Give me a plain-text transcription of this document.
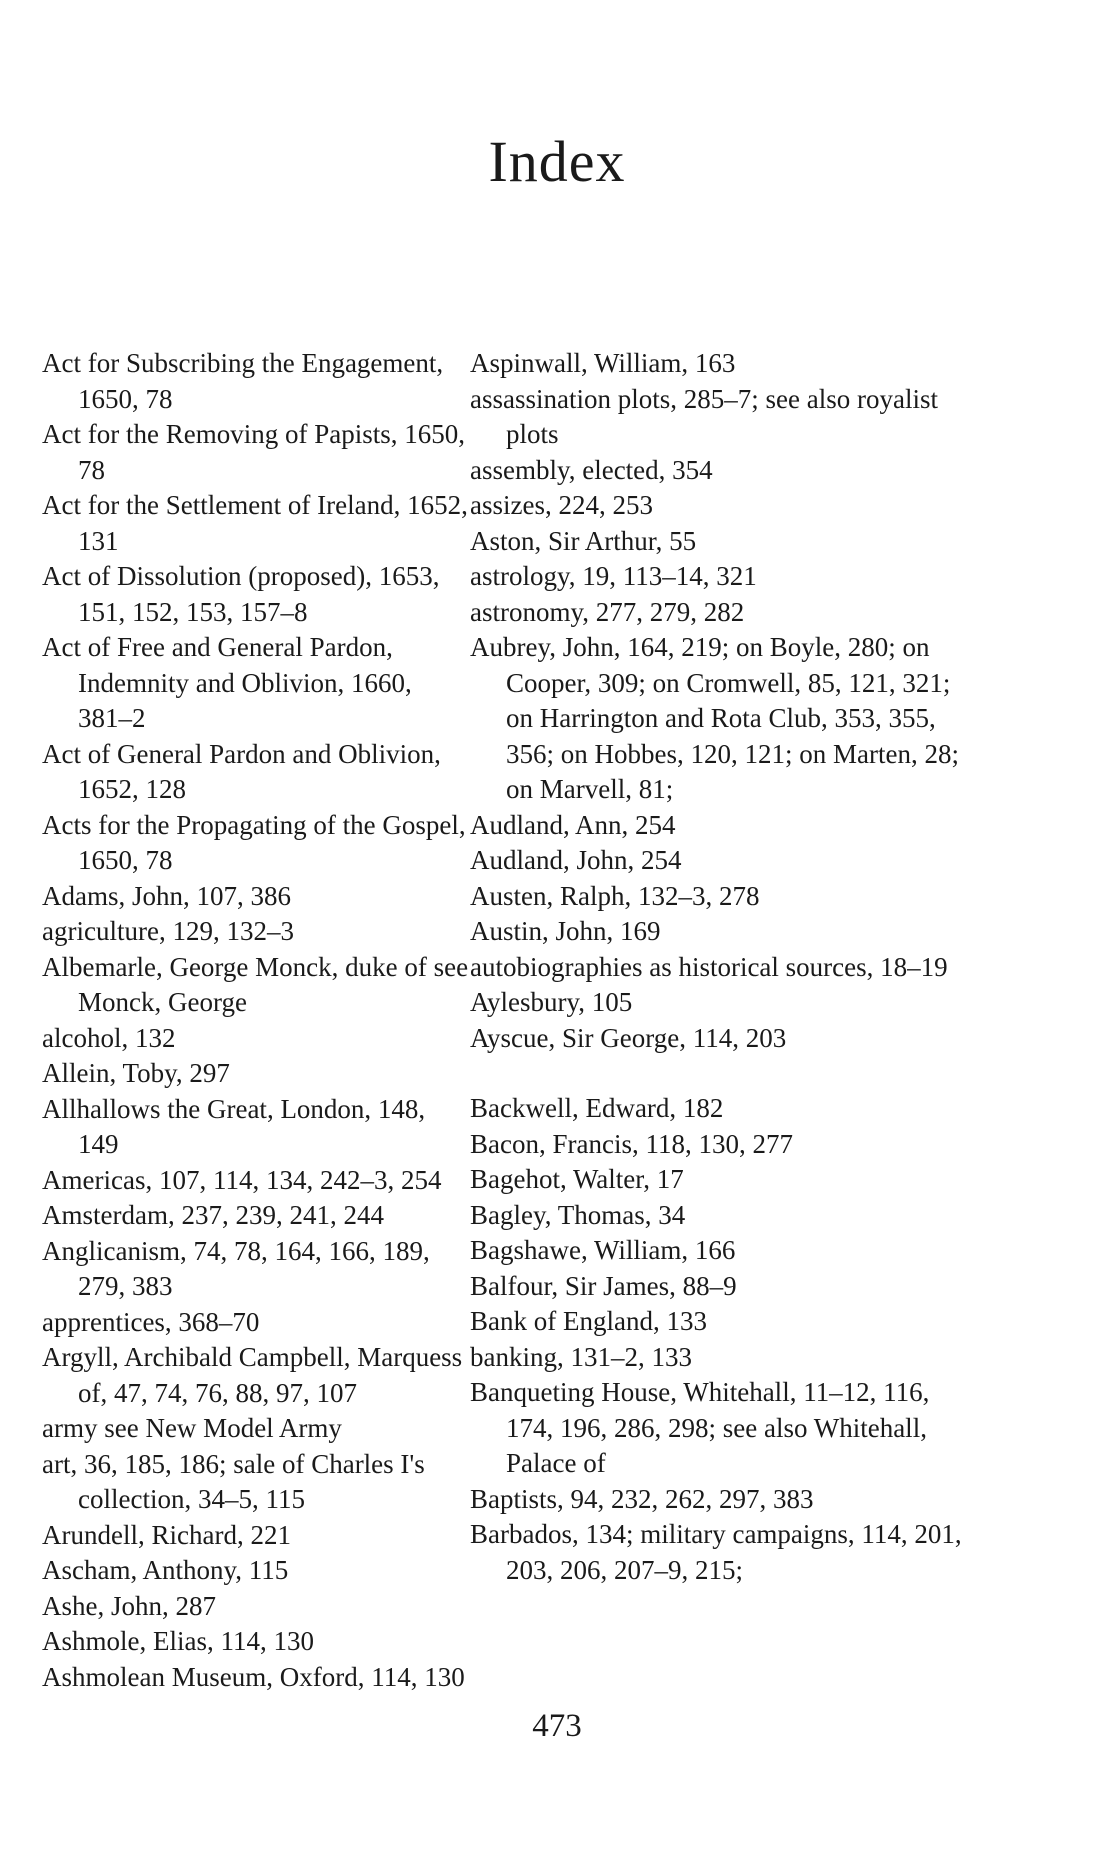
Index
Act for Subscribing the Engagement, 1650, 78
Act for the Removing of Papists, 1650, 78
Act for the Settlement of Ireland, 1652, 131
Act of Dissolution (proposed), 1653, 151, 152, 153, 157–8
Act of Free and General Pardon, Indemnity and Oblivion, 1660, 381–2
Act of General Pardon and Oblivion, 1652, 128
Acts for the Propagating of the Gospel, 1650, 78
Adams, John, 107, 386
agriculture, 129, 132–3
Albemarle, George Monck, duke of see Monck, George
alcohol, 132
Allein, Toby, 297
Allhallows the Great, London, 148, 149
Americas, 107, 114, 134, 242–3, 254
Amsterdam, 237, 239, 241, 244
Anglicanism, 74, 78, 164, 166, 189, 279, 383
apprentices, 368–70
Argyll, Archibald Campbell, Marquess of, 47, 74, 76, 88, 97, 107
army see New Model Army
art, 36, 185, 186; sale of Charles I's collection, 34–5, 115
Arundell, Richard, 221
Ascham, Anthony, 115
Ashe, John, 287
Ashmole, Elias, 114, 130
Ashmolean Museum, Oxford, 114, 130
Aspinwall, William, 163
assassination plots, 285–7; see also royalist plots
assembly, elected, 354
assizes, 224, 253
Aston, Sir Arthur, 55
astrology, 19, 113–14, 321
astronomy, 277, 279, 282
Aubrey, John, 164, 219; on Boyle, 280; on Cooper, 309; on Cromwell, 85, 121, 321; on Harrington and Rota Club, 353, 355, 356; on Hobbes, 120, 121; on Marten, 28; on Marvell, 81;
Audland, Ann, 254
Audland, John, 254
Austen, Ralph, 132–3, 278
Austin, John, 169
autobiographies as historical sources, 18–19
Aylesbury, 105
Ayscue, Sir George, 114, 203
Backwell, Edward, 182
Bacon, Francis, 118, 130, 277
Bagehot, Walter, 17
Bagley, Thomas, 34
Bagshawe, William, 166
Balfour, Sir James, 88–9
Bank of England, 133
banking, 131–2, 133
Banqueting House, Whitehall, 11–12, 116, 174, 196, 286, 298; see also Whitehall, Palace of
Baptists, 94, 232, 262, 297, 383
Barbados, 134; military campaigns, 114, 201, 203, 206, 207–9, 215;
473
